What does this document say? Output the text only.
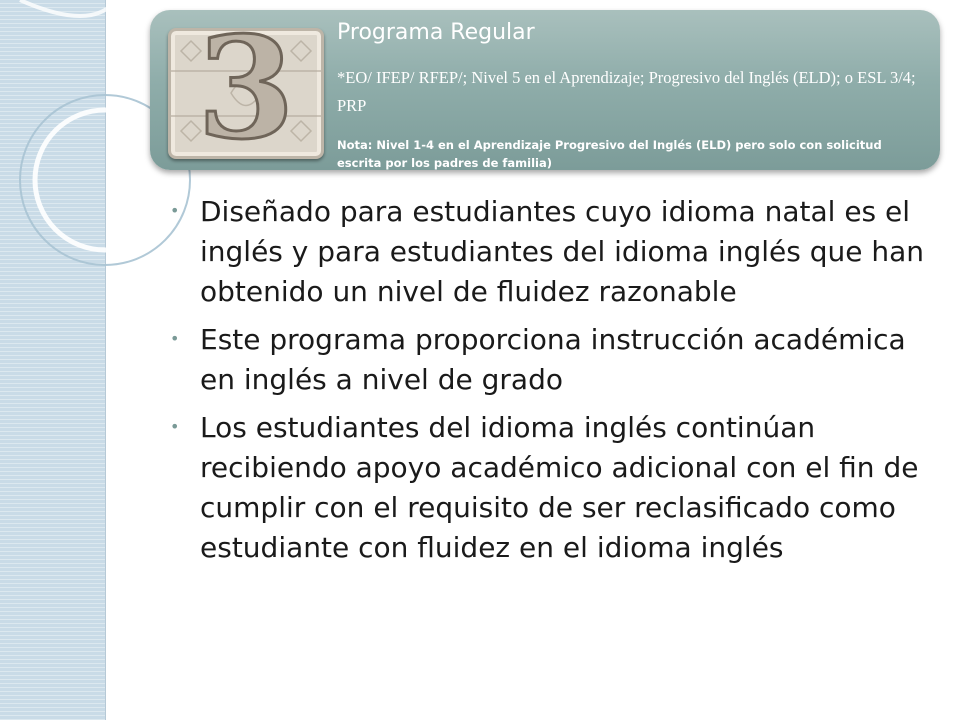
3	Programa Regular

*EO/ IFEP/ RFEP/; Nivel 5 en el Aprendizaje; Progresivo del Inglés (ELD); o ESL 3/4; PRP

Nota: Nivel 1-4 en el Aprendizaje Progresivo del Inglés (ELD) pero solo con solicitud escrita por los padres de familia)

• Diseñado para estudiantes cuyo idioma natal es el inglés y para estudiantes del idioma inglés que han obtenido un nivel de fluidez razonable
• Este programa proporciona instrucción académica en inglés a nivel de grado
• Los estudiantes del idioma inglés continúan recibiendo apoyo académico adicional con el fin de cumplir con el requisito de ser reclasificado como estudiante con fluidez en el idioma inglés
